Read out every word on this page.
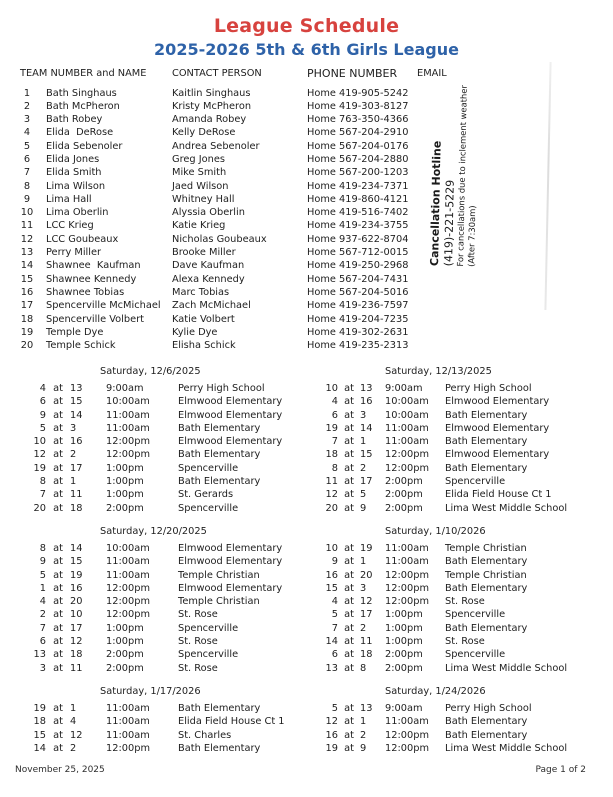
League Schedule
2025-2026 5th & 6th Girls League
TEAM NUMBER and NAME	CONTACT PERSON	PHONE NUMBER	EMAIL
1	Bath Singhaus	Kaitlin Singhaus	Home 419-905-5242
2	Bath McPheron	Kristy McPheron	Home 419-303-8127
3	Bath Robey	Amanda Robey	Home 763-350-4366
4	Elida  DeRose	Kelly DeRose	Home 567-204-2910
5	Elida Sebenoler	Andrea Sebenoler	Home 567-204-0176
6	Elida Jones	Greg Jones	Home 567-204-2880
7	Elida Smith	Mike Smith	Home 567-200-1203
8	Lima Wilson	Jaed Wilson	Home 419-234-7371
9	Lima Hall	Whitney Hall	Home 419-860-4121
10 Lima Oberlin	Alyssia Oberlin	Home 419-516-7402
11 LCC Krieg	Katie Krieg	Home 419-234-3755
12 LCC Goubeaux	Nicholas Goubeaux	Home 937-622-8704
13 Perry Miller	Brooke Miller	Home 567-712-0015
14 Shawnee  Kaufman	Dave Kaufman	Home 419-250-2968
15 Shawnee Kennedy	Alexa Kennedy	Home 567-204-7431
16 Shawnee Tobias	Marc Tobias	Home 567-204-5016
17 Spencerville McMichael	Zach McMichael	Home 419-236-7597
18 Spencerville Volbert	Katie Volbert	Home 419-204-7235
19 Temple Dye	Kylie Dye	Home 419-302-2631
20 Temple Schick	Elisha Schick	Home 419-235-2313
Cancellation Hotline
(419)-221-5229
For cancellations due to inclement weather
(After 7:30am)
Saturday, 12/6/2025
4 at 13	9:00am	Perry High School
6 at 15	10:00am	Elmwood Elementary
9 at 14	11:00am	Elmwood Elementary
5 at 3	11:00am	Bath Elementary
10 at 16	12:00pm	Elmwood Elementary
12 at 2	12:00pm	Bath Elementary
19 at 17	1:00pm	Spencerville
8 at 1	1:00pm	Bath Elementary
7 at 11	1:00pm	St. Gerards
20 at 18	2:00pm	Spencerville
Saturday, 12/13/2025
10 at 13	9:00am	Perry High School
4 at 16	10:00am	Elmwood Elementary
6 at 3	10:00am	Bath Elementary
19 at 14	11:00am	Elmwood Elementary
7 at 1	11:00am	Bath Elementary
18 at 15	12:00pm	Elmwood Elementary
8 at 2	12:00pm	Bath Elementary
11 at 17	2:00pm	Spencerville
12 at 5	2:00pm	Elida Field House Ct 1
20 at 9	2:00pm	Lima West Middle School
Saturday, 12/20/2025
8 at 14	10:00am	Elmwood Elementary
9 at 15	11:00am	Elmwood Elementary
5 at 19	11:00am	Temple Christian
1 at 16	12:00pm	Elmwood Elementary
4 at 20	12:00pm	Temple Christian
2 at 10	12:00pm	St. Rose
7 at 17	1:00pm	Spencerville
6 at 12	1:00pm	St. Rose
13 at 18	2:00pm	Spencerville
3 at 11	2:00pm	St. Rose
Saturday, 1/10/2026
10 at 19	11:00am	Temple Christian
9 at 1	11:00am	Bath Elementary
16 at 20	12:00pm	Temple Christian
15 at 3	12:00pm	Bath Elementary
4 at 12	12:00pm	St. Rose
5 at 17	1:00pm	Spencerville
7 at 2	1:00pm	Bath Elementary
14 at 11	1:00pm	St. Rose
6 at 18	2:00pm	Spencerville
13 at 8	2:00pm	Lima West Middle School
Saturday, 1/17/2026
19 at 1	11:00am	Bath Elementary
18 at 4	11:00am	Elida Field House Ct 1
15 at 12	11:00am	St. Charles
14 at 2	12:00pm	Bath Elementary
Saturday, 1/24/2026
5 at 13	9:00am	Perry High School
12 at 1	11:00am	Bath Elementary
16 at 2	12:00pm	Bath Elementary
19 at 9	12:00pm	Lima West Middle School
November 25, 2025	Page 1 of 2
